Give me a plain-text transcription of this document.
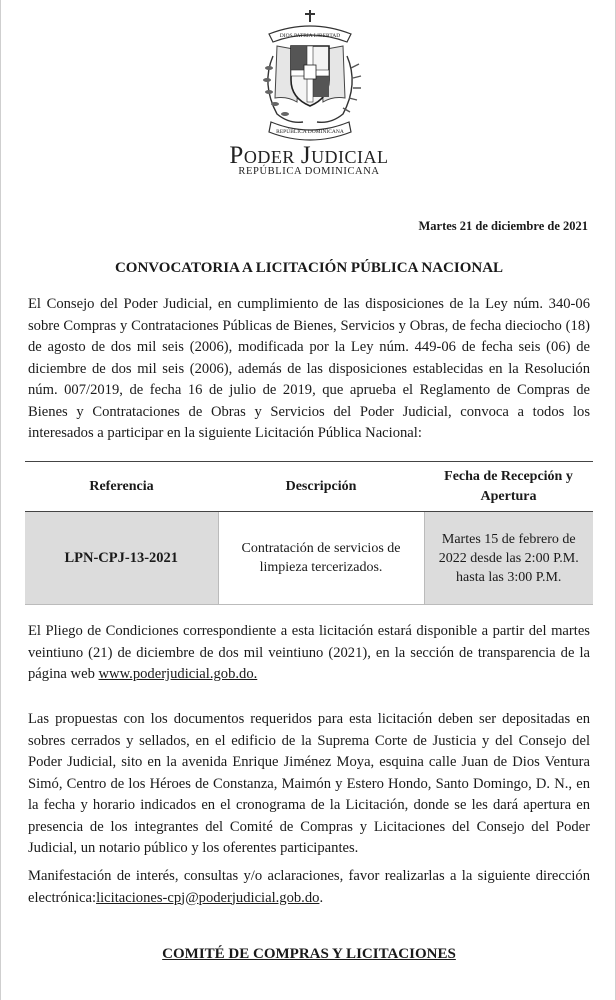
DIOS PATRIA LIBERTAD
REPÚBLICA DOMINICANA
PODER JUDICIAL
REPÚBLICA DOMINICANA
Martes 21 de diciembre de 2021
CONVOCATORIA A LICITACIÓN PÚBLICA NACIONAL

El Consejo del Poder Judicial, en cumplimiento de las disposiciones de la Ley núm. 340-06 sobre Compras y Contrataciones Públicas de Bienes, Servicios y Obras, de fecha dieciocho (18) de agosto de dos mil seis (2006), modificada por la Ley núm. 449-06 de fecha seis (06) de diciembre de dos mil seis (2006), además de las disposiciones establecidas en la Resolución núm. 007/2019, de fecha 16 de julio de 2019, que aprueba el Reglamento de Compras de Bienes y Contrataciones de Obras y Servicios del Poder Judicial, convoca a todos los interesados a participar en la siguiente Licitación Pública Nacional:

Referencia	Descripción	Fecha de Recepción y Apertura
LPN-CPJ-13-2021	Contratación de servicios de limpieza tercerizados.	Martes 15 de febrero de 2022 desde las 2:00 P.M. hasta las 3:00 P.M.

El Pliego de Condiciones correspondiente a esta licitación estará disponible a partir del martes veintiuno (21) de diciembre de dos mil veintiuno (2021), en la sección de transparencia de la página web www.poderjudicial.gob.do.

Las propuestas con los documentos requeridos para esta licitación deben ser depositadas en sobres cerrados y sellados, en el edificio de la Suprema Corte de Justicia y del Consejo del Poder Judicial, sito en la avenida Enrique Jiménez Moya, esquina calle Juan de Dios Ventura Simó, Centro de los Héroes de Constanza, Maimón y Estero Hondo, Santo Domingo, D. N., en la fecha y horario indicados en el cronograma de la Licitación, donde se les dará apertura en presencia de los integrantes del Comité de Compras y Licitaciones del Consejo del Poder Judicial, un notario público y los oferentes participantes.

Manifestación de interés, consultas y/o aclaraciones, favor realizarlas a la siguiente dirección electrónica:licitaciones-cpj@poderjudicial.gob.do.

COMITÉ DE COMPRAS Y LICITACIONES
